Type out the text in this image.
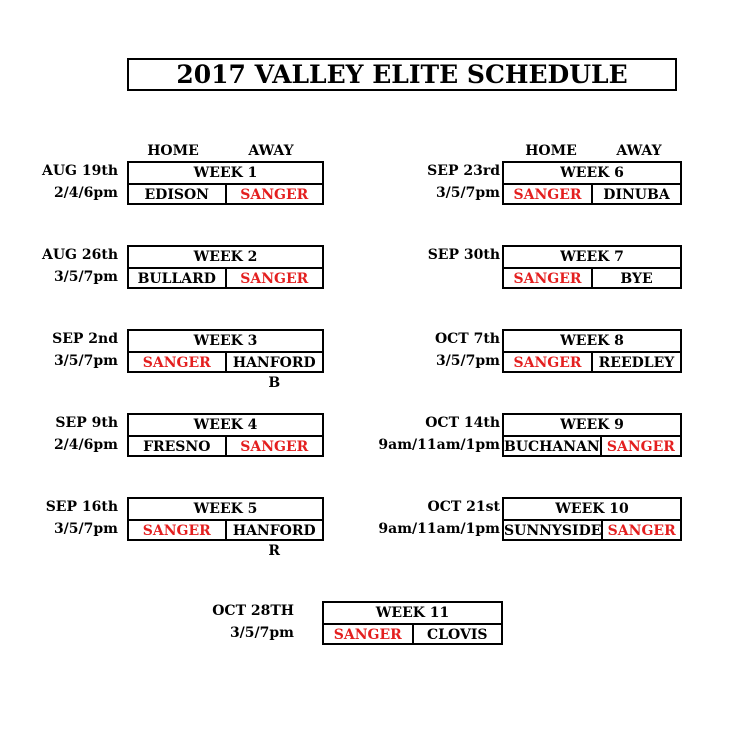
2017 VALLEY ELITE SCHEDULE
HOME	AWAY	HOME	AWAY
AUG 19th
2/4/6pm
WEEK 1
EDISON	SANGER
AUG 26th
3/5/7pm
WEEK 2
BULLARD	SANGER
SEP 2nd
3/5/7pm
WEEK 3
SANGER	HANFORD B
SEP 9th
2/4/6pm
WEEK 4
FRESNO	SANGER
SEP 16th
3/5/7pm
WEEK 5
SANGER	HANFORD R
SEP 23rd
3/5/7pm
WEEK 6
SANGER	DINUBA
SEP 30th	WEEK 7
SANGER	BYE
OCT 7th
3/5/7pm
WEEK 8
SANGER	REEDLEY
OCT 14th
9am/11am/1pm
WEEK 9
BUCHANAN SANGER
OCT 21st
9am/11am/1pm
WEEK 10
SUNNYSIDE SANGER
OCT 28TH
3/5/7pm
WEEK 11
SANGER	CLOVIS
